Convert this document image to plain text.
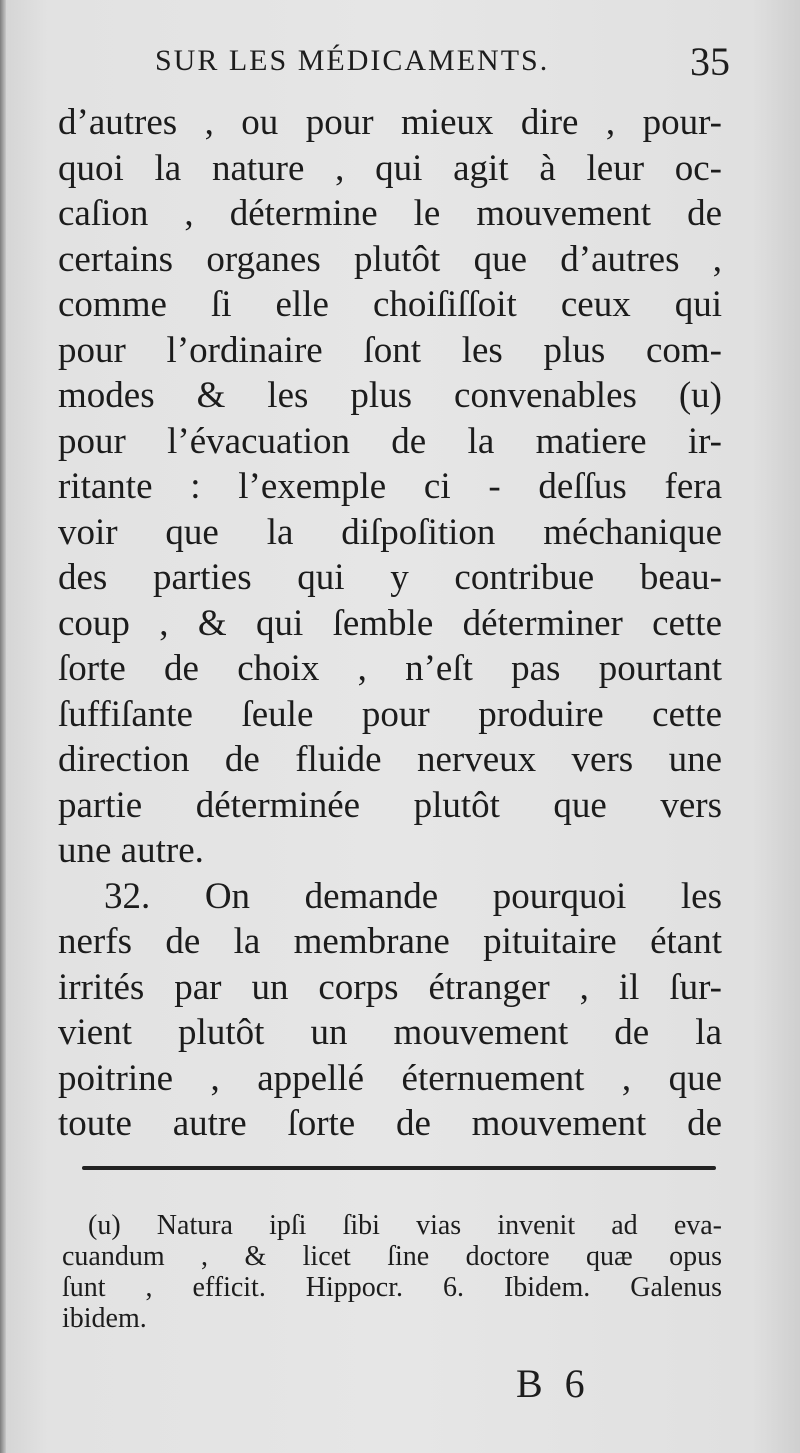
SUR LES MÉDICAMENTS.	35
d’autres , ou pour mieux dire , pour-
quoi la nature , qui agit à leur oc-
caſion , détermine le mouvement de
certains organes plutôt que d’autres ,
comme ſi elle choiſiſſoit ceux qui
pour l’ordinaire ſont les plus com-
modes & les plus convenables (u)
pour l’évacuation de la matiere ir-
ritante : l’exemple ci - deſſus fera
voir que la diſpoſition méchanique
des parties qui y contribue beau-
coup , & qui ſemble déterminer cette
ſorte de choix , n’eſt pas pourtant
ſuffiſante ſeule pour produire cette
direction de fluide nerveux vers une
partie déterminée plutôt que vers
une autre.
32. On demande pourquoi les
nerfs de la membrane pituitaire étant
irrités par un corps étranger , il ſur-
vient plutôt un mouvement de la
poitrine , appellé éternuement , que
toute autre ſorte de mouvement de
(u) Natura ipſi ſibi vias invenit ad eva-
cuandum , & licet ſine doctore quæ opus
ſunt , efficit. Hippocr. 6. Ibidem. Galenus
ibidem.
B 6
